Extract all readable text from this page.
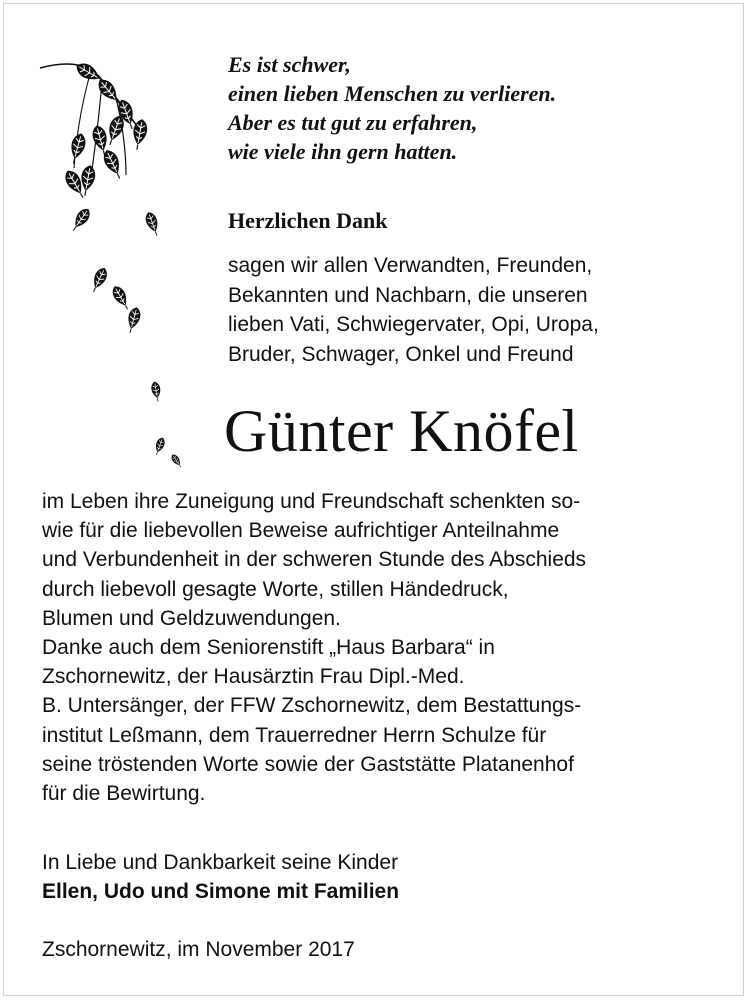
Es ist schwer,
einen lieben Menschen zu verlieren.
Aber es tut gut zu erfahren,
wie viele ihn gern hatten.
Herzlichen Dank
sagen wir allen Verwandten, Freunden,
Bekannten und Nachbarn, die unseren
lieben Vati, Schwiegervater, Opi, Uropa,
Bruder, Schwager, Onkel und Freund
Günter Knöfel
im Leben ihre Zuneigung und Freundschaft schenkten so-
wie für die liebevollen Beweise aufrichtiger Anteilnahme
und Verbundenheit in der schweren Stunde des Abschieds
durch liebevoll gesagte Worte, stillen Händedruck,
Blumen und Geldzuwendungen.
Danke auch dem Seniorenstift „Haus Barbara“ in
Zschornewitz, der Hausärztin Frau Dipl.-Med.
B. Untersänger, der FFW Zschornewitz, dem Bestattungs-
institut Leßmann, dem Trauerredner Herrn Schulze für
seine tröstenden Worte sowie der Gaststätte Platanenhof
für die Bewirtung.
In Liebe und Dankbarkeit seine Kinder
Ellen, Udo und Simone mit Familien
Zschornewitz, im November 2017
